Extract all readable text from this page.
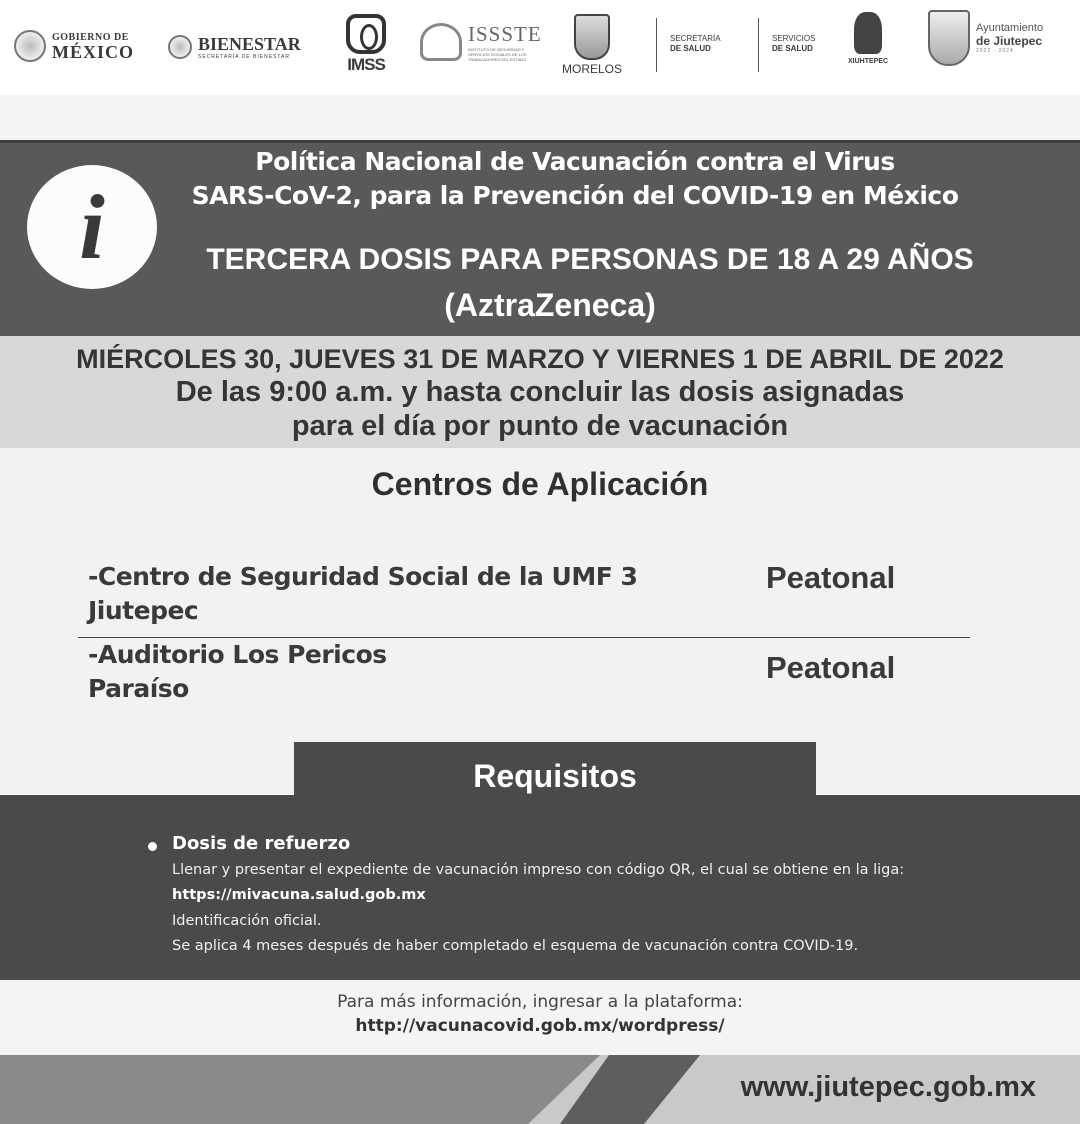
GOBIERNO DE
MÉXICO	BIENESTAR
SECRETARÍA DE BIENESTAR	IMSS
ISSSTE
INSTITUTO DE SEGURIDAD Y SERVICIOS SOCIALES DE LOS TRABAJADORES DEL ESTADO
MORELOS
SECRETARÍA
DE SALUD
SERVICIOS
DE SALUD
XIUHTEPEC
Ayuntamiento
de Jiutepec
2022 · 2024
i
Política Nacional de Vacunación contra el Virus
SARS-CoV-2, para la Prevención del COVID-19 en México
TERCERA DOSIS PARA PERSONAS DE 18 A 29 AÑOS
(AztraZeneca)
MIÉRCOLES 30, JUEVES 31 DE MARZO Y VIERNES 1 DE ABRIL DE 2022
De las 9:00 a.m. y hasta concluir las dosis asignadas
para el día por punto de vacunación
Centros de Aplicación
-Centro de Seguridad Social de la UMF 3
Jiutepec
Peatonal
-Auditorio Los Pericos
Paraíso
Peatonal
Requisitos
Dosis de refuerzo
Llenar y presentar el expediente de vacunación impreso con código QR, el cual se obtiene en la liga:
https://mivacuna.salud.gob.mx
Identificación oficial.
Se aplica 4 meses después de haber completado el esquema de vacunación contra COVID-19.
Para más información, ingresar a la plataforma:
http://vacunacovid.gob.mx/wordpress/
www.jiutepec.gob.mx
